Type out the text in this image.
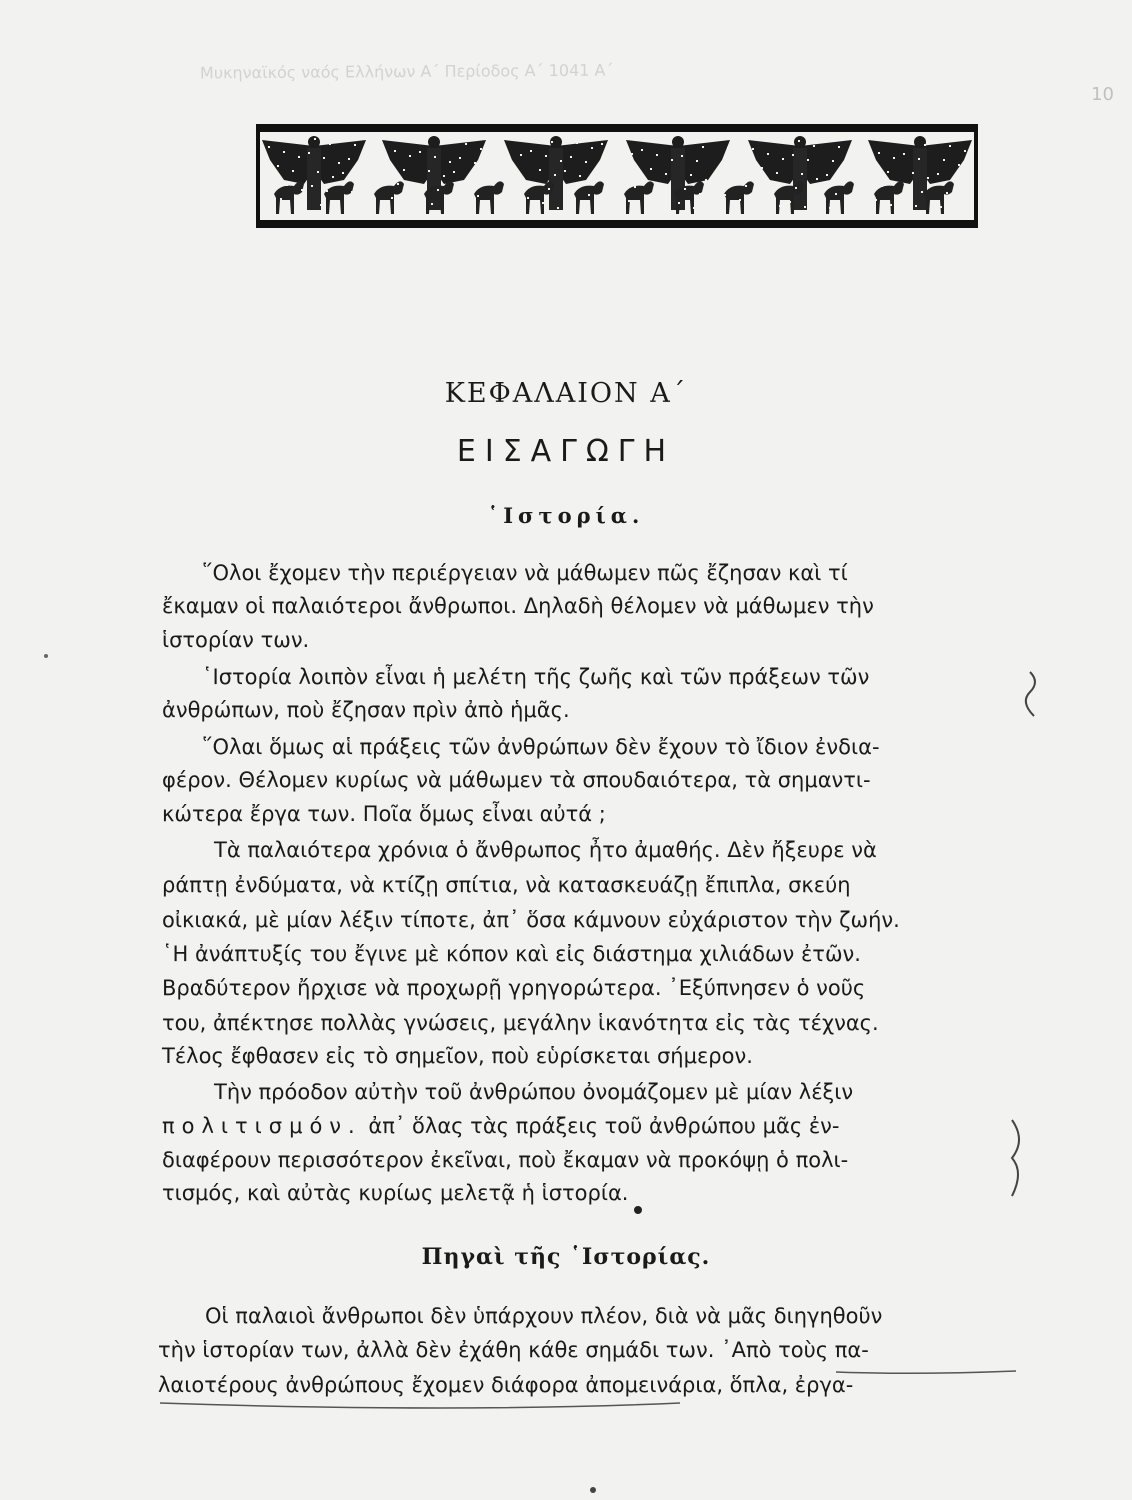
Μυκηναϊκός ναός Ελλήνων Α΄ Περίοδος Α΄ 1041 Α΄
10
ΚΕΦΑΛΑΙΟΝ Α΄
ΕΙΣΑΓΩΓΗ
῾Ιστορία.
῞Ολοι ἔχομεν τὴν περιέργειαν νὰ μάθωμεν πῶς ἔζησαν καὶ τί
ἔκαμαν οἱ παλαιότεροι ἄνθρωποι. Δηλαδὴ θέλομεν νὰ μάθωμεν τὴν
ἱστορίαν των.
῾Ιστορία λοιπὸν εἶναι ἡ μελέτη τῆς ζωῆς καὶ τῶν πράξεων τῶν
ἀνθρώπων, ποὺ ἔζησαν πρὶν ἀπὸ ἡμᾶς.
῞Ολαι ὅμως αἱ πράξεις τῶν ἀνθρώπων δὲν ἔχουν τὸ ἴδιον ἐνδια-
φέρον. Θέλομεν κυρίως νὰ μάθωμεν τὰ σπουδαιότερα, τὰ σημαντι-
κώτερα ἔργα των. Ποῖα ὅμως εἶναι αὐτά ;
Τὰ παλαιότερα χρόνια ὁ ἄνθρωπος ἦτο ἀμαθής. Δὲν ἤξευρε νὰ
ράπτῃ ἐνδύματα, νὰ κτίζῃ σπίτια, νὰ κατασκευάζῃ ἔπιπλα, σκεύη
οἰκιακά, μὲ μίαν λέξιν τίποτε, ἀπ᾽ ὅσα κάμνουν εὐχάριστον τὴν ζωήν.
῾Η ἀνάπτυξίς του ἔγινε μὲ κόπον καὶ εἰς διάστημα χιλιάδων ἐτῶν.
Βραδύτερον ἤρχισε νὰ προχωρῇ γρηγορώτερα. ᾽Εξύπνησεν ὁ νοῦς
του, ἀπέκτησε πολλὰς γνώσεις, μεγάλην ἱκανότητα εἰς τὰς τέχνας.
Τέλος ἔφθασεν εἰς τὸ σημεῖον, ποὺ εὑρίσκεται σήμερον.
Τὴν πρόοδον αὐτὴν τοῦ ἀνθρώπου ὀνομάζομεν μὲ μίαν λέξιν
πολιτισμόν. ἀπ᾽ ὅλας τὰς πράξεις τοῦ ἀνθρώπου μᾶς ἐν-
διαφέρουν περισσότερον ἐκεῖναι, ποὺ ἔκαμαν νὰ προκόψῃ ὁ πολι-
τισμός, καὶ αὐτὰς κυρίως μελετᾷ ἡ ἱστορία.
Πηγαὶ τῆς ῾Ιστορίας.
Οἱ παλαιοὶ ἄνθρωποι δὲν ὑπάρχουν πλέον, διὰ νὰ μᾶς διηγηθοῦν
τὴν ἱστορίαν των, ἀλλὰ δὲν ἐχάθη κάθε σημάδι των. ᾽Απὸ τοὺς πα-
λαιοτέρους ἀνθρώπους ἔχομεν διάφορα ἀπομεινάρια, ὅπλα, ἐργα-
